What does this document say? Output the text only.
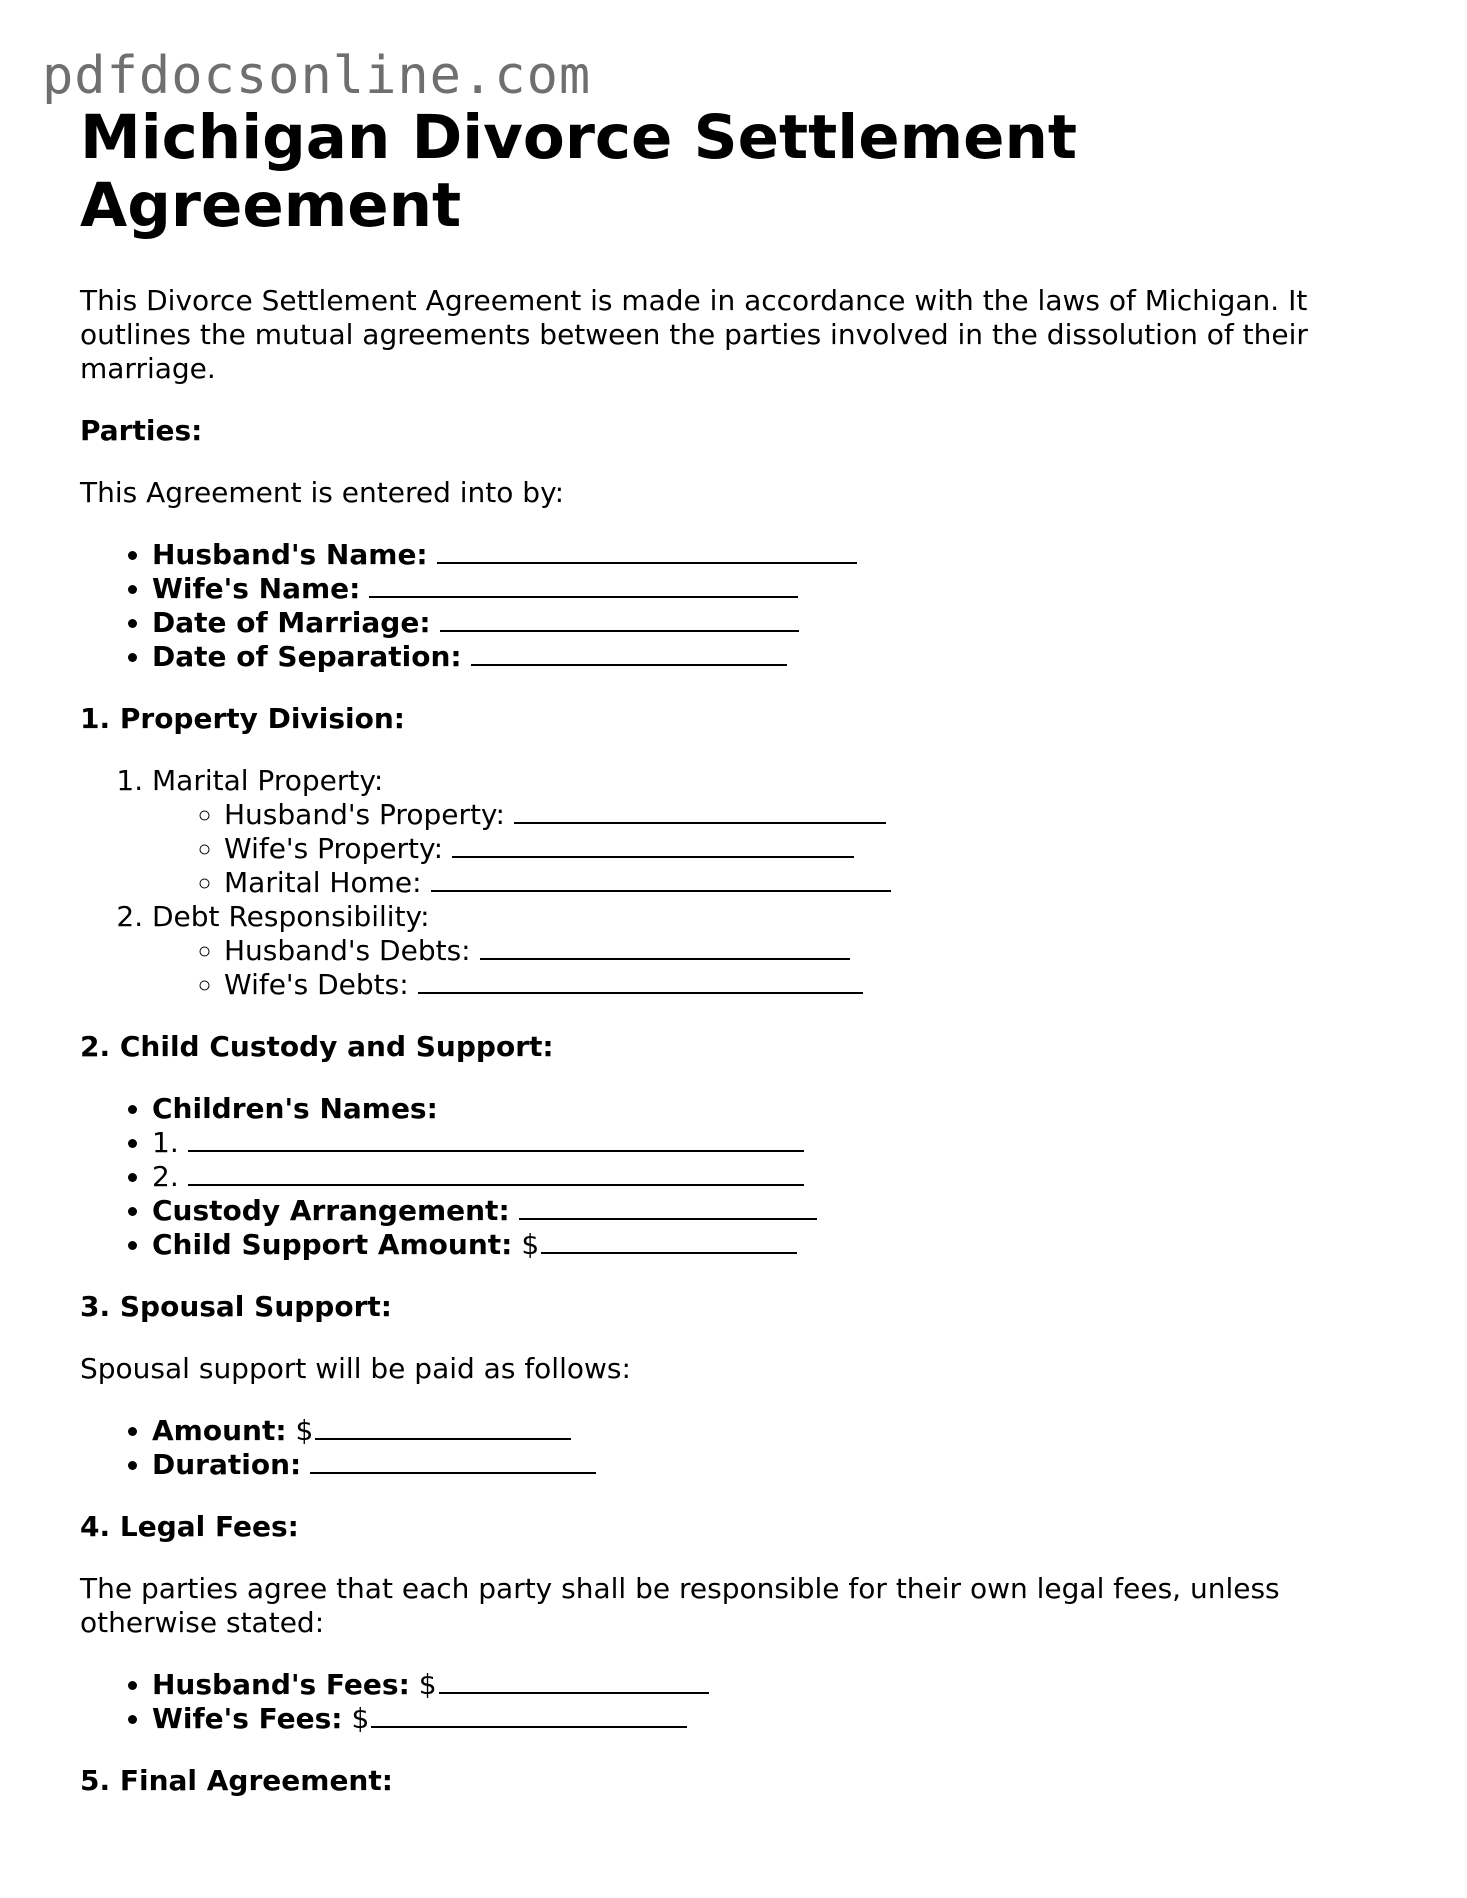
pdfdocsonline.com
Michigan Divorce Settlement Agreement

This Divorce Settlement Agreement is made in accordance with the laws of Michigan. It outlines the mutual agreements between the parties involved in the dissolution of their marriage.

Parties:

This Agreement is entered into by:

• Husband's Name:
• Wife's Name:
• Date of Marriage:
• Date of Separation:

1. Property Division:

1. Marital Property:
◦ Husband's Property:
◦ Wife's Property:
◦ Marital Home:
2. Debt Responsibility:
◦ Husband's Debts:
◦ Wife's Debts:

2. Child Custody and Support:

• Children's Names:
• 1.
• 2.
• Custody Arrangement:
• Child Support Amount: $

3. Spousal Support:

Spousal support will be paid as follows:

• Amount: $
• Duration:

4. Legal Fees:

The parties agree that each party shall be responsible for their own legal fees, unless otherwise stated:

• Husband's Fees: $
• Wife's Fees: $

5. Final Agreement:
